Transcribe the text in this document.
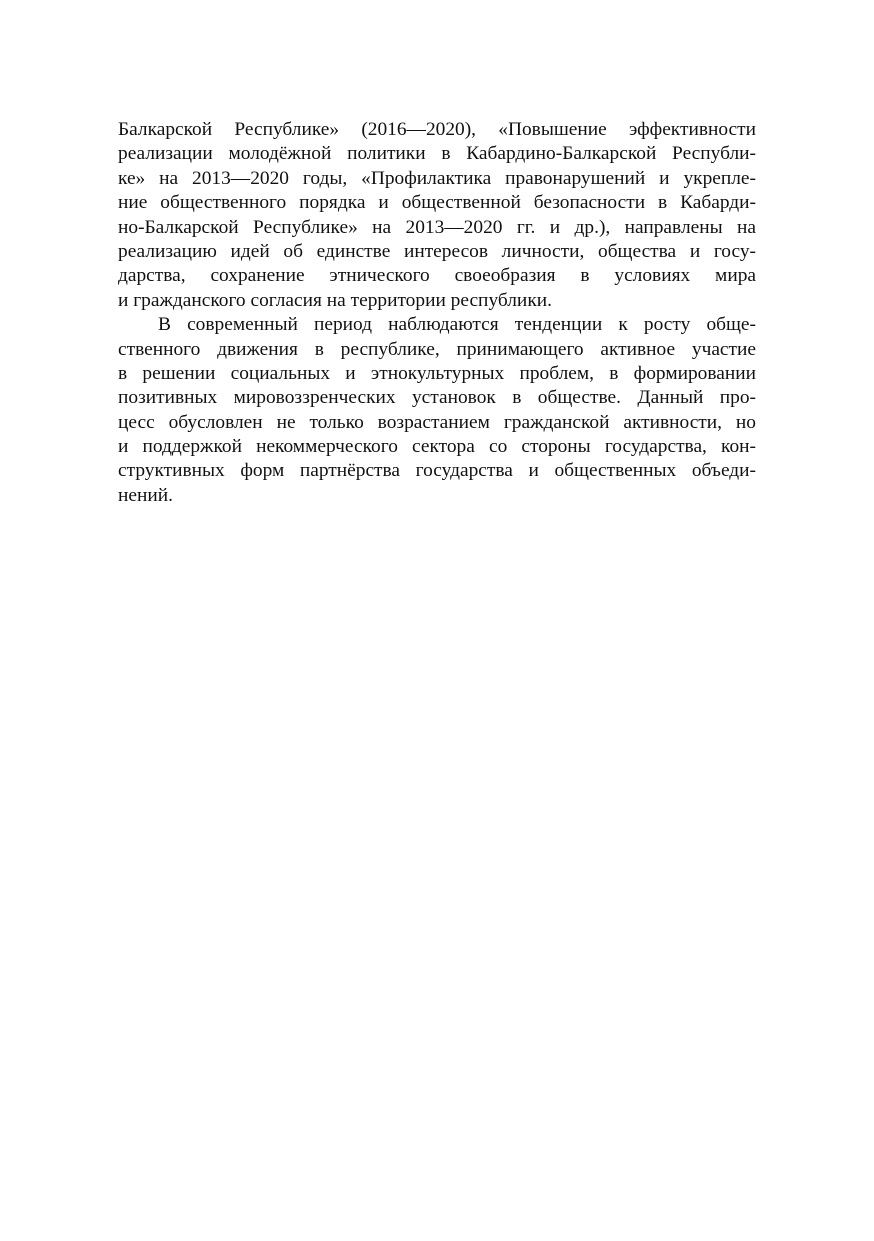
Балкарской Республике» (2016—2020), «Повышение эффективности
реализации молодёжной политики в Кабардино-Балкарской Республи-
ке» на 2013—2020 годы, «Профилактика правонарушений и укрепле-
ние общественного порядка и общественной безопасности в Кабарди-
но-Балкарской Республике» на 2013—2020 гг. и др.), направлены на
реализацию идей об единстве интересов личности, общества и госу-
дарства, сохранение этнического своеобразия в условиях мира
и гражданского согласия на территории республики.
В современный период наблюдаются тенденции к росту обще-
ственного движения в республике, принимающего активное участие
в решении социальных и этнокультурных проблем, в формировании
позитивных мировоззренческих установок в обществе. Данный про-
цесс обусловлен не только возрастанием гражданской активности, но
и поддержкой некоммерческого сектора со стороны государства, кон-
структивных форм партнёрства государства и общественных объеди-
нений.
